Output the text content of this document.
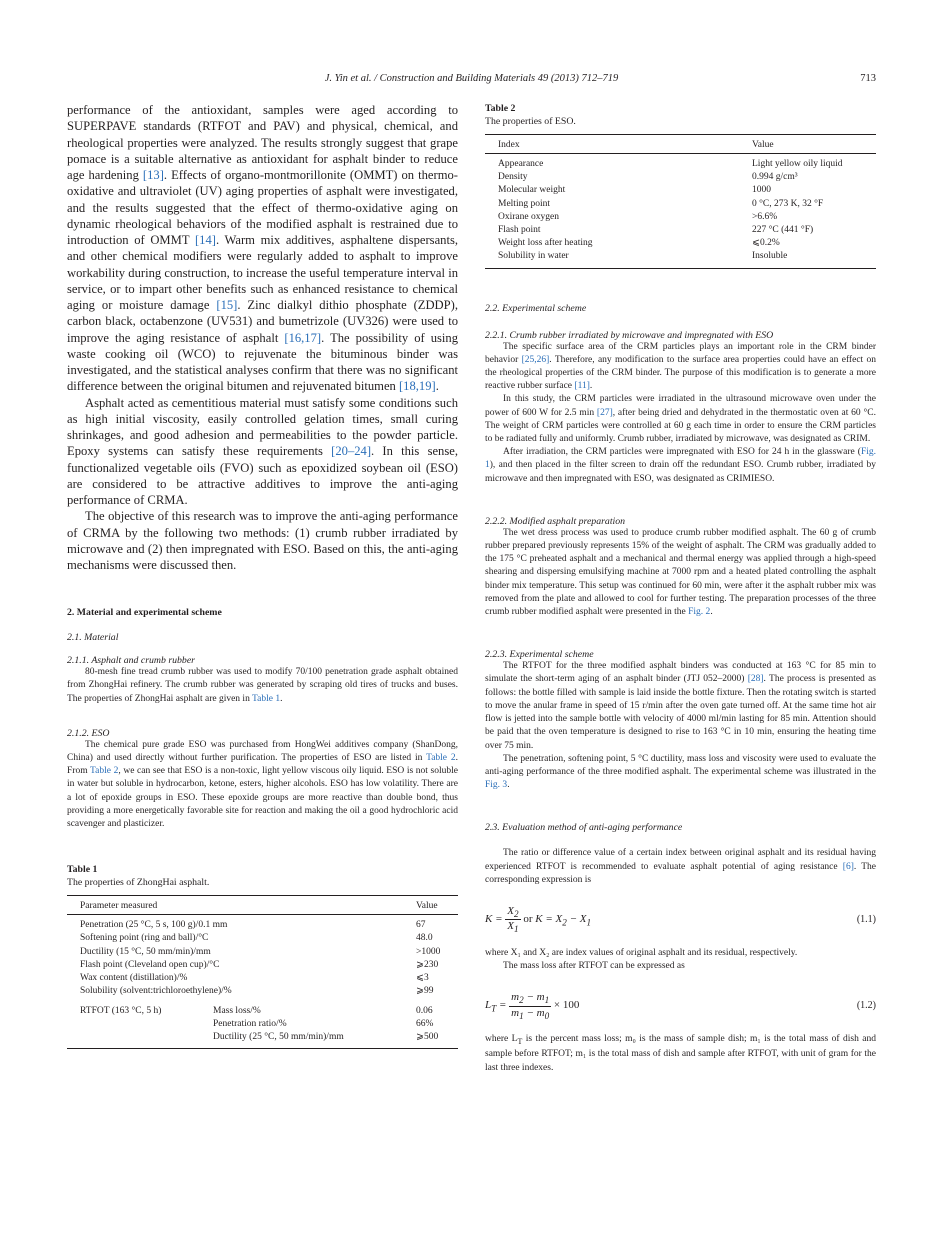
J. Yin et al. / Construction and Building Materials 49 (2013) 712–719	713

performance of the antioxidant, samples were aged according to SUPERPAVE standards (RTFOT and PAV) and physical, chemical, and rheological properties were analyzed. The results strongly suggest that grape pomace is a suitable alternative as antioxidant for asphalt binder to reduce age hardening [13]. Effects of organo-montmorillonite (OMMT) on thermo-oxidative and ultraviolet (UV) aging properties of asphalt were investigated, and the results suggested that the effect of thermo-oxidative aging on dynamic rheological behaviors of the modified asphalt is restrained due to introduction of OMMT [14]. Warm mix additives, asphaltene dispersants, and other chemical modifiers were regularly added to asphalt to improve workability during construction, to increase the useful temperature interval in service, or to impart other benefits such as enhanced resistance to chemical aging or moisture damage [15]. Zinc dialkyl dithio phosphate (ZDDP), carbon black, octabenzone (UV531) and bumetrizole (UV326) were used to improve the aging resistance of asphalt [16,17]. The possibility of using waste cooking oil (WCO) to rejuvenate the bituminous binder was investigated, and the statistical analyses confirm that there was no significant difference between the original bitumen and rejuvenated bitumen [18,19].

Asphalt acted as cementitious material must satisfy some conditions such as high initial viscosity, easily controlled gelation times, small curing shrinkages, and good adhesion and permeabilities to the powder particle. Epoxy systems can satisfy these requirements [20–24]. In this sense, functionalized vegetable oils (FVO) such as epoxidized soybean oil (ESO) are considered to be attractive additives to improve the anti-aging performance of CRMA.

The objective of this research was to improve the anti-aging performance of CRMA by the following two methods: (1) crumb rubber irradiated by microwave and (2) then impregnated with ESO. Based on this, the anti-aging mechanisms were discussed then.

2. Material and experimental scheme
2.1. Material
2.1.1. Asphalt and crumb rubber

80-mesh fine tread crumb rubber was used to modify 70/100 penetration grade asphalt obtained from ZhongHai refinery. The crumb rubber was generated by scraping old tires of trucks and buses. The properties of ZhongHai asphalt are given in Table 1.

2.1.2. ESO

The chemical pure grade ESO was purchased from HongWei additives company (ShanDong, China) and used directly without further purification. The properties of ESO are listed in Table 2. From Table 2, we can see that ESO is a non-toxic, light yellow viscous oily liquid. ESO is not soluble in water but soluble in hydrocarbon, ketone, esters, higher alcohols. ESO has low volatility. There are a lot of epoxide groups in ESO. These epoxide groups are more reactive than double bond, thus providing a more energetically favorable site for reaction and making the oil a good hydrochloric acid scavenger and plasticizer.

Table 1
The properties of ZhongHai asphalt.
Parameter measured		Value
Penetration (25 °C, 5 s, 100 g)/0.1 mm		67
Softening point (ring and ball)/°C		48.0
Ductility (15 °C, 50 mm/min)/mm		>1000
Flash point (Cleveland open cup)/°C		⩾230
Wax content (distillation)/%		⩽3
Solubility (solvent:trichloroethylene)/%		⩾99
RTFOT (163 °C, 5 h)	Mass loss/%	0.06
	Penetration ratio/%	66%
	Ductility (25 °C, 50 mm/min)/mm	⩾500
Table 2
The properties of ESO.
Index	Value
Appearance	Light yellow oily liquid
Density	0.994 g/cm³
Molecular weight	1000
Melting point	0 °C, 273 K, 32 °F
Oxirane oxygen	>6.6%
Flash point	227 °C (441 °F)
Weight loss after heating	⩽0.2%
Solubility in water	Insoluble
2.2. Experimental scheme
2.2.1. Crumb rubber irradiated by microwave and impregnated with ESO

The specific surface area of the CRM particles plays an important role in the CRM binder behavior [25,26]. Therefore, any modification to the surface area properties could have an effect on the rheological properties of the CRM binder. The purpose of this modification is to generate a more reactive rubber surface [11].

In this study, the CRM particles were irradiated in the ultrasound microwave oven under the power of 600 W for 2.5 min [27], after being dried and dehydrated in the thermostatic oven at 60 °C. The weight of CRM particles were controlled at 60 g each time in order to ensure the CRM particles to be radiated fully and uniformly. Crumb rubber, irradiated by microwave, was designated as CRIM.

After irradiation, the CRM particles were impregnated with ESO for 24 h in the glassware (Fig. 1), and then placed in the filter screen to drain off the redundant ESO. Crumb rubber, irradiated by microwave and then impregnated with ESO, was designated as CRIMIESO.

2.2.2. Modified asphalt preparation

The wet dress process was used to produce crumb rubber modified asphalt. The 60 g of crumb rubber prepared previously represents 15% of the weight of asphalt. The CRM was gradually added to the 175 °C preheated asphalt and a mechanical and thermal energy was applied through a high-speed shearing and dispersing emulsifying machine at 7000 rpm and a heated plated controlling the asphalt binder mix temperature. This setup was continued for 60 min, were after it the asphalt rubber mix was removed from the plate and allowed to cool for further testing. The preparation processes of the three crumb rubber modified asphalt were presented in the Fig. 2.

2.2.3. Experimental scheme

The RTFOT for the three modified asphalt binders was conducted at 163 °C for 85 min to simulate the short-term aging of an asphalt binder (JTJ 052–2000) [28]. The process is presented as follows: the bottle filled with sample is laid inside the bottle fixture. Then the rotating switch is started to move the anular frame in speed of 15 r/min after the oven gate turned off. At the same time hot air flow is jetted into the sample bottle with velocity of 4000 ml/min lasting for 85 min. Attention should be paid that the oven temperature is designed to rise to 163 °C in 10 min, ensuring the heating time over 75 min.

The penetration, softening point, 5 °C ductility, mass loss and viscosity were used to evaluate the anti-aging performance of the three modified asphalt. The experimental scheme was illustrated in the Fig. 3.

2.3. Evaluation method of anti-aging performance

The ratio or difference value of a certain index between original asphalt and its residual having experienced RTFOT is recommended to evaluate asphalt potential of aging resistance [6]. The corresponding expression is

$K = \frac{X_2}{X_1}$ or $K = X_2 - X_1$	(1.1)

where X₁ and X₂ are index values of original asphalt and its residual, respectively.

The mass loss after RTFOT can be expressed as

$L_T = \frac{m_2 - m_1}{m_1 - m_0} \times 100$	(1.2)

where $L_T$ is the percent mass loss; m₀ is the mass of sample dish; m₁ is the total mass of dish and sample before RTFOT; m₁ is the total mass of dish and sample after RTFOT, with unit of gram for the last three indexes.
